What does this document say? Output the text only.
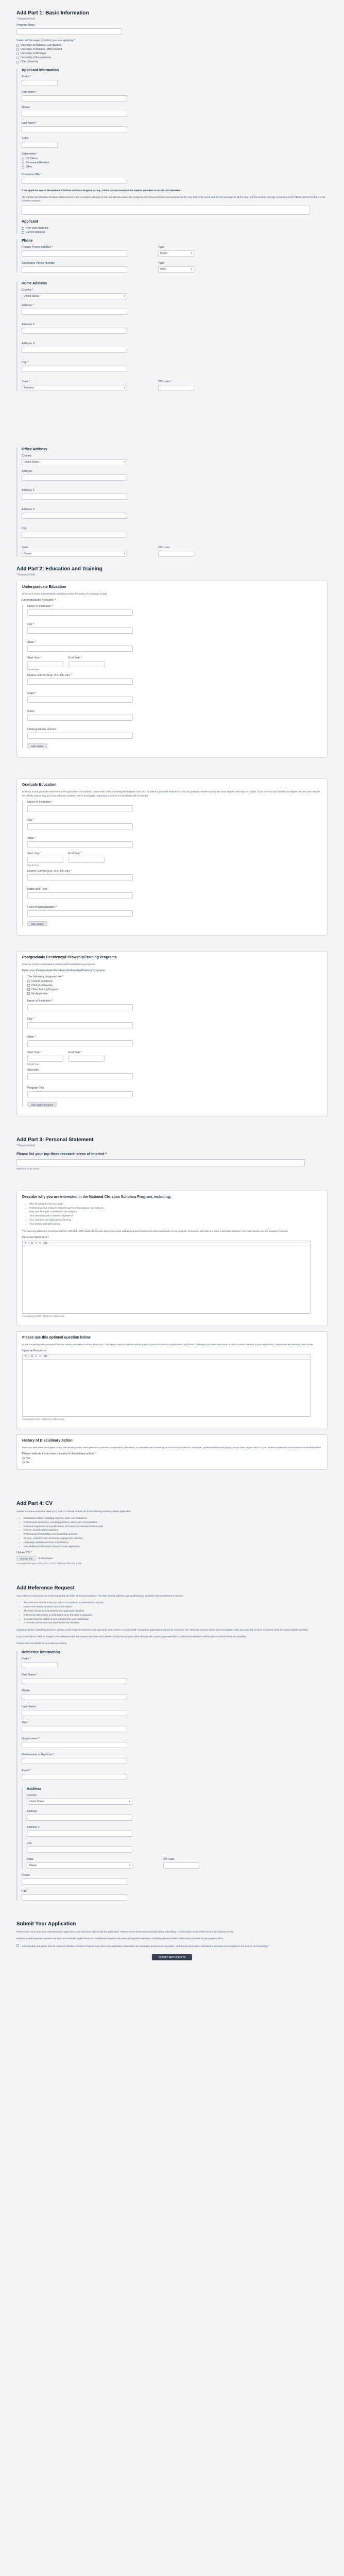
Add Part 1: Basic Information
* Required Field
Program Story
Select all the ways by which you are applying *
University of Alabama, Law Student
University of Alabama, MBA Student
University of Michigan
University of Pennsylvania
Ohio University
Applicant Information
Prefix *
First Name *
Middle
Last Name *
Suffix
Citizenship *
US Citizen
Permanent Resident
Other
Pronouns Title *
If the applicant was in the National Christian Scholars Program or, e.g., CEMS, are you known to be student president or an old LDS Resident *
The CEMS-2nd Christian Christian Dispersement Form is required primarily to see our attention about the recipients who found ourselves and ourselves to the very best in the world and the full coverage for all the time, and the number and age of learning to the CEMS and the full form of the Christian program.
Applicant
Prior year Applicant
Current Applicant
Phone
Primary Phone Number *	Type
Home	▾
Secondary Phone Number	Type
Work	▾
Home Address
Country *
United States	▾
Address *
Address 2
Address 3
City *
State *
Alabama	▾
ZIP code *
Office Address
Country
United States	▾
Address
Address 2
Address 3
City
State
Please	▾
ZIP code
Add Part 2: Education and Training
* Required Field
Undergraduate Education
Enter up to three undergraduate institutions below for review of exchange of data.
Undergraduate Institution *
Name of Institution *
City *
State *
Start Year *	End Year *
Month/Year
Degree Earned (e.g., BS, BA, etc) *
Major *
Minor
Undergraduate Honors
Add Another
Graduate Education
Enter up to four graduate institutions in the graduate school above. Leave each of the remaining fields blank if you did not attend a graduate institution or did not graduate. Please specify the exact degree and major or majors. If you have not yet finished the degree, the last year may be set. Briefly explain why you have attended another, even if incomplete. Applications that do not list details will be rejected.
Name of Institution *
City *
State *
Start Year *	End Year *
Month/Year
Degree Earned (e.g., BS, BA, etc) *
Major and Field
Field of Specialization *
Add Another
Postgraduate Residency/Fellowship/Training Programs
Enter up to three postgraduate residency/fellowship/training programs.
Enter your Postgraduate Residency/Fellowship/Training Programs
The following programs are *
Clinical Residency
Clinical Fellowship
Other Training Program
Not Applicable
Name of Institution *
City *
State *
Start Year *	End Year *
Month/Year
Specialty
Program Title
Add Another Program
Add Part 3: Personal Statement
* Required Field
Please list your top three research areas of interest *
Maximum of 50 words
Describe why you are interested in the National Christian Scholars Program, including:
• Why this program fits your goals
• Professional and research interests and how this program can help you
• How your strengths contribute to the program
• Your previous work in relevant experience
• Your character and approach to serving
• Your service and faith journey
The personal statement should be between 500 and 1,000 words. Be specific about your goals and avoid general statements that could apply to any program. Reviewers will look for a clear connection between your experiences and the program's mission.
Personal Statement *
B I U ≡ ≔ ⌫
Counted 0 of 1000 / Minimum: 500 words
Please use this optional question below
Is there anything else you would like the review committee to know about you? This space may be used to explain gaps in your education or employment, significant challenges you have overcome, or other context relevant to your application. Responses are limited to 500 words.
Optional Response
B I U ≡ ≔ ⌫
Counted 0 of 500 / Maximum: 500 words
History of Disciplinary Action
Have you ever been the subject of any disciplinary action, been placed on probation, suspended, dismissed, or otherwise sanctioned by an educational institution, employer, professional licensing body, or any other organization? If yes, please explain the circumstances in the field below.
Please indicate if you have a history of disciplinary action *
Yes
No
Add Part 4: CV
Upload a current curriculum vitae (CV). Your CV should include all of the following sections, where applicable:
• Educational history, including degrees, dates and institutions
• Professional experience, including positions, dates and responsibilities
• Research experience and publications, formatted in a standard citation style
• Honors, awards and recognitions
• Professional memberships and leadership activities
• Service, volunteer and community engagement activities
• Languages spoken and level of proficiency
• Any additional information relevant to your application
Upload CV *
Choose File	No file chosen
Acceptable file types: PDF, DOC, DOCX. Maximum file size: 5 MB.
Add Reference Request
Your reference will receive an email requesting the letter of recommendation. The letter should address your qualifications, potential and commitment to service.
• The reference should know you well in an academic or professional capacity
• Letters from family members are not accepted
• The letter should be submitted by the application deadline
• References will receive a confirmation once the letter is uploaded
• You may track the status of your request from your dashboard
• A reminder will be sent one week before the deadline
Important: Before submitting this form, please confirm that the reference has agreed to write a letter on your behalf. Incomplete applications will not be reviewed. The reference request will be sent immediately after you save this section, so please verify all contact details carefully.
If you would like to make a change to the reference after the request has been sent, please contact the program office directly. We cannot guarantee that a replacement reference will be able to submit before the deadline.
Please enter the details of your reference below.
Reference Information
Prefix *
First Name *
Middle
Last Name *
Title *
Organization *
Relationship to Applicant *
Email *
Address
Country
United States	▾
Address
Address 2
City
State
Please	▾
ZIP code
Phone
Fax
Submit Your Application
Please Note: Once you have submitted your application, you will not be able to edit the application. Please review all sections carefully before submitting. A confirmation email will be sent to the address on file.
Reference and transcript requests are sent automatically. Applications are considered complete only when all required materials, including reference letters, have been received by the program office.
I acknowledge and agree that the National Christian Scholars Program may share any application information as needed for purposes of evaluation, and that all information submitted is accurate and complete to the best of my knowledge. *
SUBMIT APPLICATION
